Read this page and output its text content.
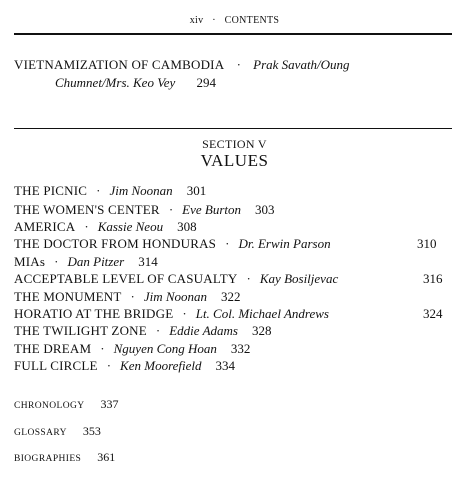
xiv · CONTENTS
VIETNAMIZATION OF CAMBODIA · Prak Savath/Oung
Chumnet/Mrs. Keo Vey 294
SECTION V
VALUES
THE PICNIC · Jim Noonan 301
THE WOMEN'S CENTER · Eve Burton 303
AMERICA · Kassie Neou 308
THE DOCTOR FROM HONDURAS · Dr. Erwin Parson	310
MIAs · Dan Pitzer 314
ACCEPTABLE LEVEL OF CASUALTY · Kay Bosiljevac	316
THE MONUMENT · Jim Noonan 322
HORATIO AT THE BRIDGE · Lt. Col. Michael Andrews	324
THE TWILIGHT ZONE · Eddie Adams 328
THE DREAM · Nguyen Cong Hoan 332
FULL CIRCLE · Ken Moorefield 334
CHRONOLOGY 337
GLOSSARY 353
BIOGRAPHIES 361
